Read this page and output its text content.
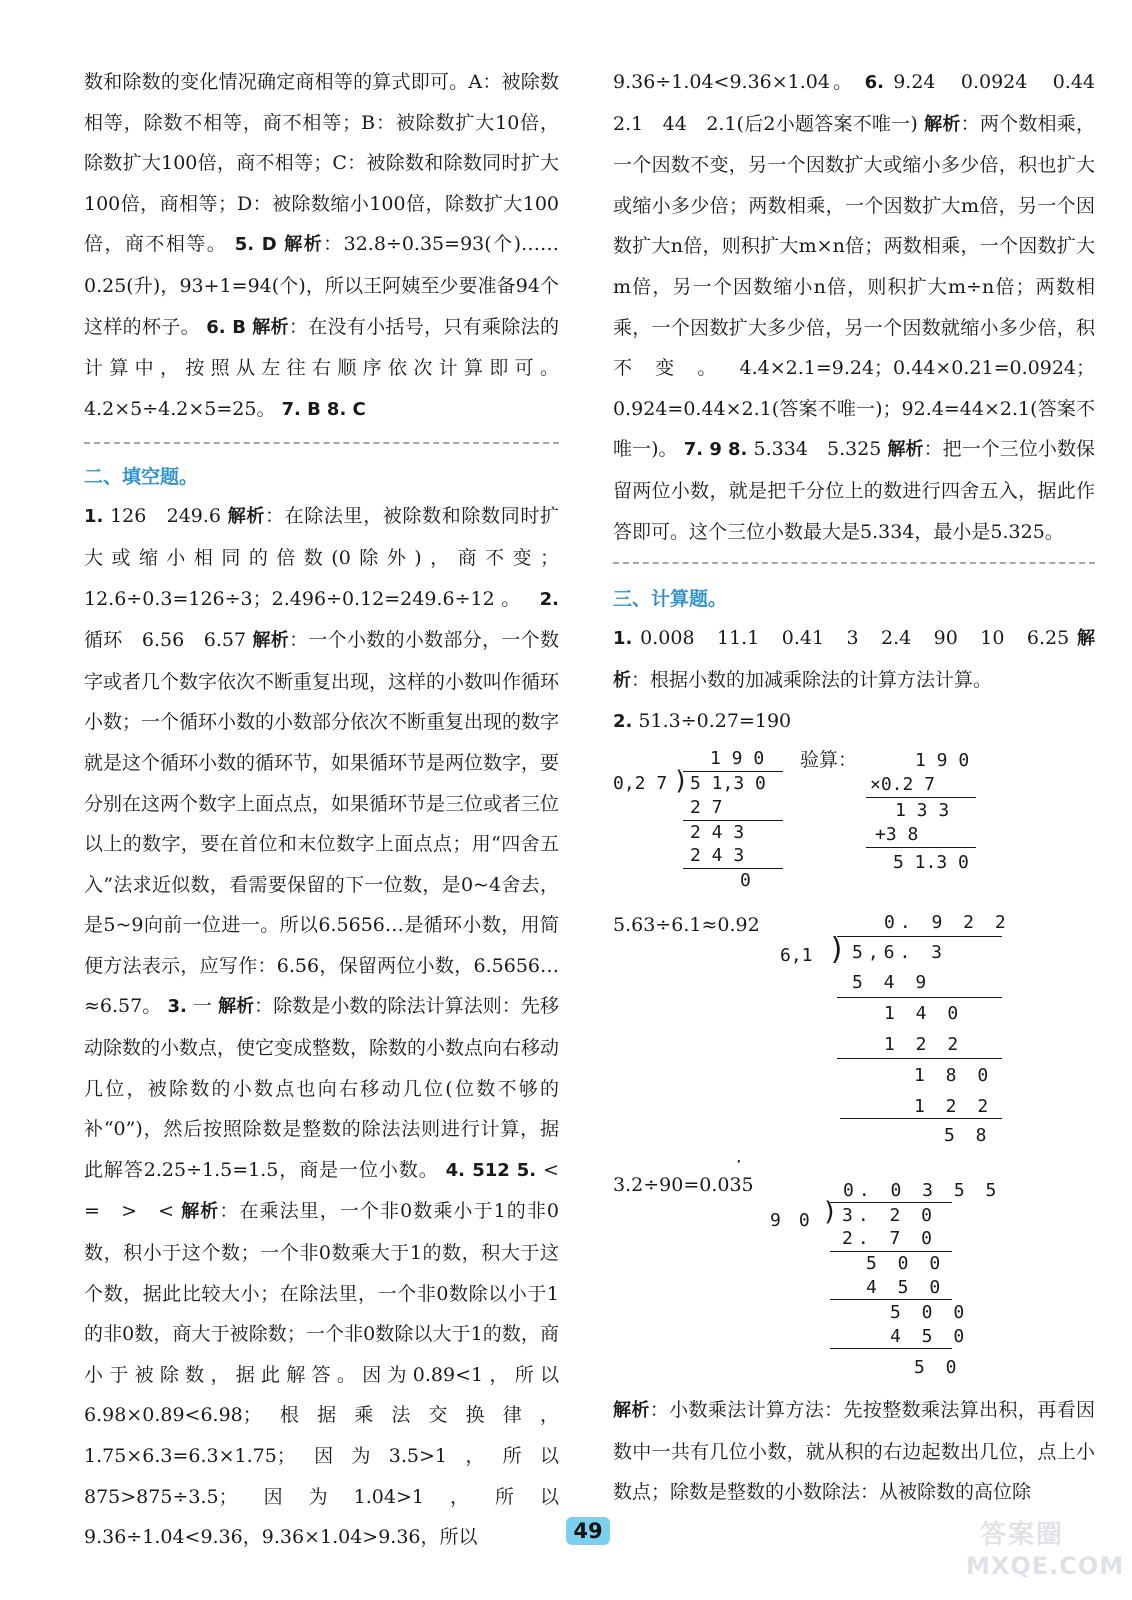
数和除数的变化情况确定商相等的算式即可。A：被除数相等，除数不相等，商不相等；B：被除数扩大10倍，除数扩大100倍，商不相等；C：被除数和除数同时扩大100倍，商相等；D：被除数缩小100倍，除数扩大100倍，商不相等。 5. D 解析：32.8÷0.35=93(个)……0.25(升)，93+1=94(个)，所以王阿姨至少要准备94个这样的杯子。 6. B 解析：在没有小括号，只有乘除法的计算中，按照从左往右顺序依次计算即可。4.2×5÷4.2×5=25。 7. B 8. C

二、填空题。

1. 126　249.6 解析：在除法里，被除数和除数同时扩大或缩小相同的倍数(0除外)，商不变；12.6÷0.3=126÷3；2.496÷0.12=249.6÷12。 2. 循环　6.56　6.57 解析：一个小数的小数部分，一个数字或者几个数字依次不断重复出现，这样的小数叫作循环小数；一个循环小数的小数部分依次不断重复出现的数字就是这个循环小数的循环节，如果循环节是两位数字，要分别在这两个数字上面点点，如果循环节是三位或者三位以上的数字，要在首位和末位数字上面点点；用“四舍五入”法求近似数，看需要保留的下一位数，是0~4舍去，是5~9向前一位进一。所以6.5656…是循环小数，用简便方法表示，应写作：6.56，保留两位小数，6.5656…≈6.57。 3. 一 解析：除数是小数的除法计算法则：先移动除数的小数点，使它变成整数，除数的小数点向右移动几位，被除数的小数点也向右移动几位(位数不够的补“0”)，然后按照除数是整数的除法法则进行计算，据此解答2.25÷1.5=1.5，商是一位小数。 4. 512 5. <　=　>　< 解析：在乘法里，一个非0数乘小于1的非0数，积小于这个数；一个非0数乘大于1的数，积大于这个数，据此比较大小；在除法里，一个非0数除以小于1的非0数，商大于被除数；一个非0数除以大于1的数，商小于被除数，据此解答。因为0.89<1，所以6.98×0.89<6.98；根据乘法交换律，1.75×6.3=6.3×1.75；因为3.5>1，所以875>875÷3.5；因为1.04>1，所以9.36÷1.04<9.36，9.36×1.04>9.36，所以

9.36÷1.04<9.36×1.04。 6. 9.24　0.0924　0.44　2.1　44　2.1(后2小题答案不唯一) 解析：两个数相乘，一个因数不变，另一个因数扩大或缩小多少倍，积也扩大或缩小多少倍；两数相乘，一个因数扩大m倍，另一个因数扩大n倍，则积扩大m×n倍；两数相乘，一个因数扩大m倍，另一个因数缩小n倍，则积扩大m÷n倍；两数相乘，一个因数扩大多少倍，另一个因数就缩小多少倍，积不变。4.4×2.1=9.24；0.44×0.21=0.0924；0.924=0.44×2.1(答案不唯一)；92.4=44×2.1(答案不唯一)。 7. 9 8. 5.334　5.325 解析：把一个三位小数保留两位小数，就是把千分位上的数进行四舍五入，据此作答即可。这个三位小数最大是5.334，最小是5.325。

三、计算题。

1. 0.008　11.1　0.41　3　2.4　90　10　6.25 解析：根据小数的加减乘除法的计算方法计算。

2. 51.3÷0.27=190

1 9 0
0,2 7 ) 5 1,3 0
2 7
2 4 3
2 4 3
0
验算：	1 9 0
×0.2 7
1 3 3
+3 8
5 1.3 0
5.63÷6.1≈0.92	0. 9 2 2
6,1 ) 5,6. 3
5 4 9
1 4 0
1 2 2
1 8 0
1 2 2
5 8
3.2÷90=0.035
·
0. 0 3 5 5
9　0 ) 3. 2 0
2. 7 0
5 0 0
4 5 0
5 0 0
4 5 0
5 0

解析：小数乘法计算方法：先按整数乘法算出积，再看因数中一共有几位小数，就从积的右边起数出几位，点上小数点；除数是整数的小数除法：从被除数的高位除

49	答案圈
MXQE.COM
